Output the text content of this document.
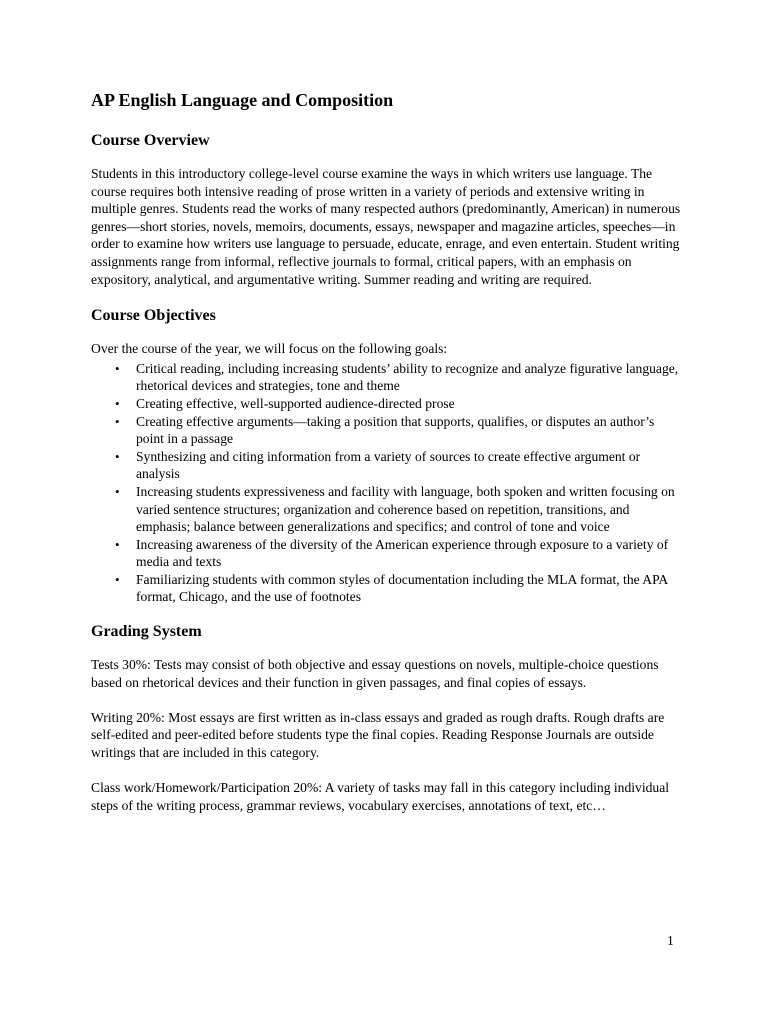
AP English Language and Composition
Course Overview

Students in this introductory college-level course examine the ways in which writers use language. The course requires both intensive reading of prose written in a variety of periods and extensive writing in multiple genres. Students read the works of many respected authors (predominantly, American) in numerous genres—short stories, novels, memoirs, documents, essays, newspaper and magazine articles, speeches—in order to examine how writers use language to persuade, educate, enrage, and even entertain. Student writing assignments range from informal, reflective journals to formal, critical papers, with an emphasis on expository, analytical, and argumentative writing. Summer reading and writing are required.

Course Objectives

Over the course of the year, we will focus on the following goals:

• Critical reading, including increasing students’ ability to recognize and analyze figurative language, rhetorical devices and strategies, tone and theme
• Creating effective, well-supported audience-directed prose
• Creating effective arguments—taking a position that supports, qualifies, or disputes an author’s point in a passage
• Synthesizing and citing information from a variety of sources to create effective argument or analysis
• Increasing students expressiveness and facility with language, both spoken and written focusing on varied sentence structures; organization and coherence based on repetition, transitions, and emphasis; balance between generalizations and specifics; and control of tone and voice
• Increasing awareness of the diversity of the American experience through exposure to a variety of media and texts
• Familiarizing students with common styles of documentation including the MLA format, the APA format, Chicago, and the use of footnotes
Grading System

Tests 30%: Tests may consist of both objective and essay questions on novels, multiple-choice questions based on rhetorical devices and their function in given passages, and final copies of essays.

Writing 20%: Most essays are first written as in-class essays and graded as rough drafts. Rough drafts are self-edited and peer-edited before students type the final copies. Reading Response Journals are outside writings that are included in this category.

Class work/Homework/Participation 20%: A variety of tasks may fall in this category including individual steps of the writing process, grammar reviews, vocabulary exercises, annotations of text, etc…

1
